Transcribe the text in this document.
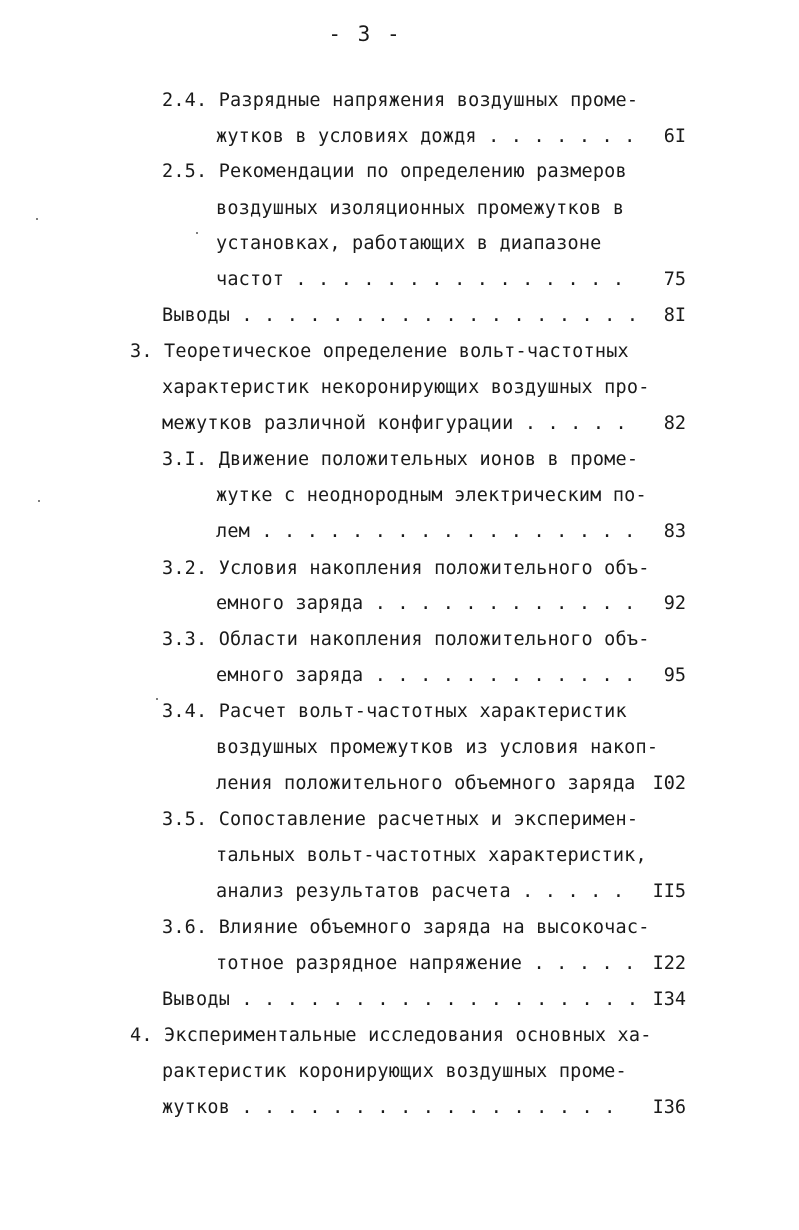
- 3 -
2.4. Разрядные напряжения воздушных проме-
жутков в условиях дождя . . . . . . .	6I
2.5. Рекомендации по определению размеров
воздушных изоляционных промежутков в
установках, работающих в диапазоне
частот . . . . . . . . . . . . . . .	75
Выводы . . . . . . . . . . . . . . . . . .	8I
3. Теоретическое определение вольт-частотных
характеристик некоронирующих воздушных про-
межутков различной конфигурации . . . . .	82
3.I. Движение положительных ионов в проме-
жутке с неоднородным электрическим по-
лем . . . . . . . . . . . . . . . . .	83
3.2. Условия накопления положительного объ-
емного заряда . . . . . . . . . . . .	92
3.3. Области накопления положительного объ-
емного заряда . . . . . . . . . . . .	95
3.4. Расчет вольт-частотных характеристик
воздушных промежутков из условия накоп-
ления положительного объемного заряда I02
3.5. Сопоставление расчетных и эксперимен-
тальных вольт-частотных характеристик,
анализ результатов расчета . . . . .	II5
3.6. Влияние объемного заряда на высокочас-
тотное разрядное напряжение . . . . . I22
Выводы . . . . . . . . . . . . . . . . . . I34
4. Экспериментальные исследования основных ха-
рактеристик коронирующих воздушных проме-
жутков . . . . . . . . . . . . . . . . .	I36
